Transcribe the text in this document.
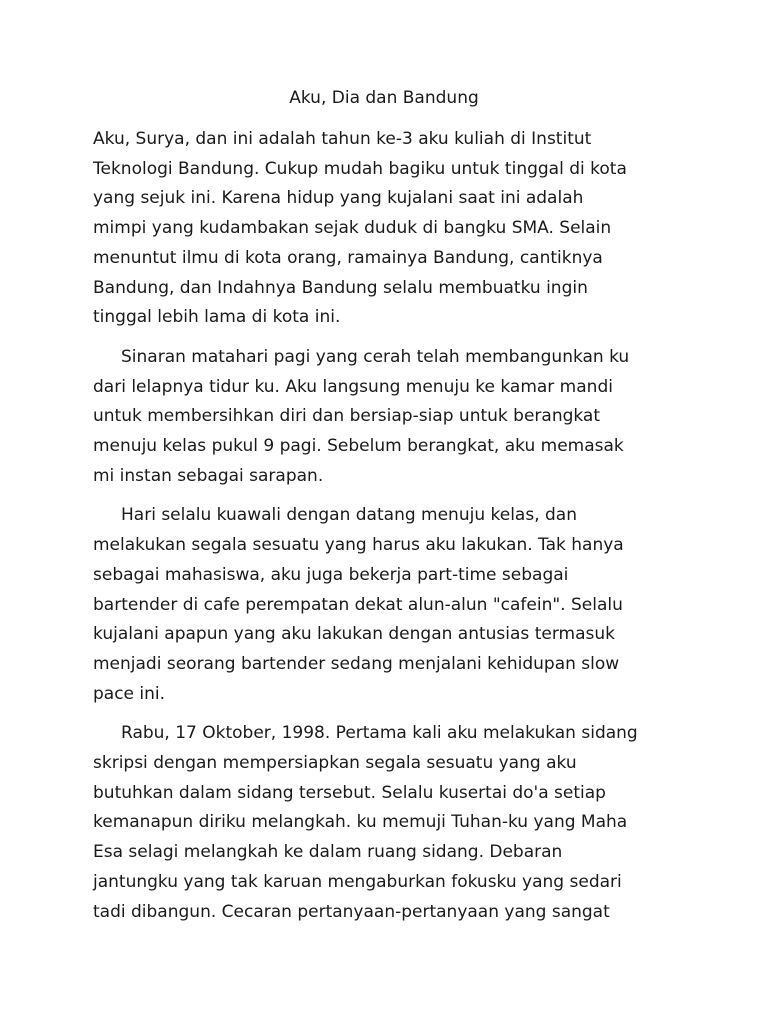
Aku, Dia dan Bandung

Aku, Surya, dan ini adalah tahun ke-3 aku kuliah di Institut
Teknologi Bandung. Cukup mudah bagiku untuk tinggal di kota
yang sejuk ini. Karena hidup yang kujalani saat ini adalah
mimpi yang kudambakan sejak duduk di bangku SMA. Selain
menuntut ilmu di kota orang, ramainya Bandung, cantiknya
Bandung, dan Indahnya Bandung selalu membuatku ingin
tinggal lebih lama di kota ini.

Sinaran matahari pagi yang cerah telah membangunkan ku
dari lelapnya tidur ku. Aku langsung menuju ke kamar mandi
untuk membersihkan diri dan bersiap-siap untuk berangkat
menuju kelas pukul 9 pagi. Sebelum berangkat, aku memasak
mi instan sebagai sarapan.

Hari selalu kuawali dengan datang menuju kelas, dan
melakukan segala sesuatu yang harus aku lakukan. Tak hanya
sebagai mahasiswa, aku juga bekerja part-time sebagai
bartender di cafe perempatan dekat alun-alun "cafein". Selalu
kujalani apapun yang aku lakukan dengan antusias termasuk
menjadi seorang bartender sedang menjalani kehidupan slow
pace ini.

Rabu, 17 Oktober, 1998. Pertama kali aku melakukan sidang
skripsi dengan mempersiapkan segala sesuatu yang aku
butuhkan dalam sidang tersebut. Selalu kusertai do'a setiap
kemanapun diriku melangkah. ku memuji Tuhan-ku yang Maha
Esa selagi melangkah ke dalam ruang sidang. Debaran
jantungku yang tak karuan mengaburkan fokusku yang sedari
tadi dibangun. Cecaran pertanyaan-pertanyaan yang sangat
